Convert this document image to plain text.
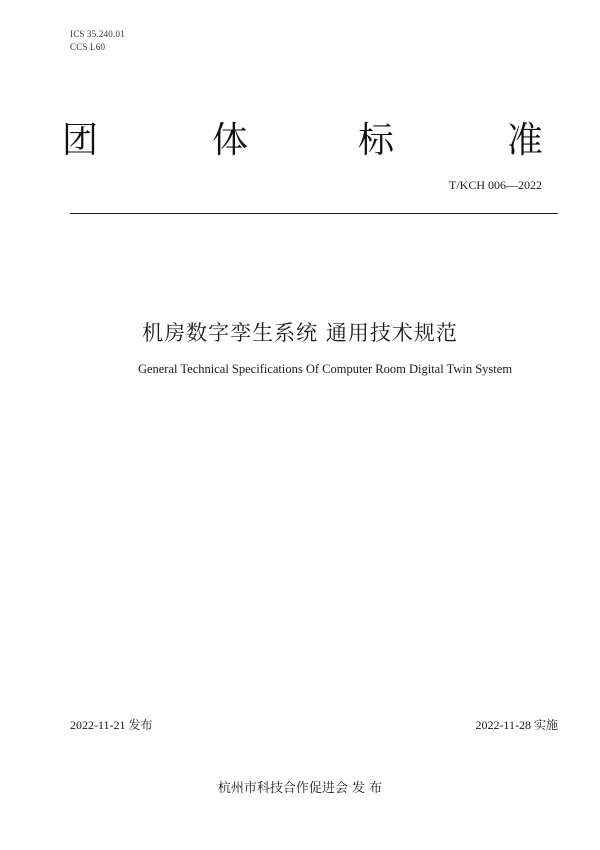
ICS 35.240.01
CCS L60
团	体	标	准
T/KCH 006—2022
机房数字孪生系统 通用技术规范
General Technical Specifications Of Computer Room Digital Twin System
2022-11-21 发布	2022-11-28 实施
杭州市科技合作促进会 发 布
